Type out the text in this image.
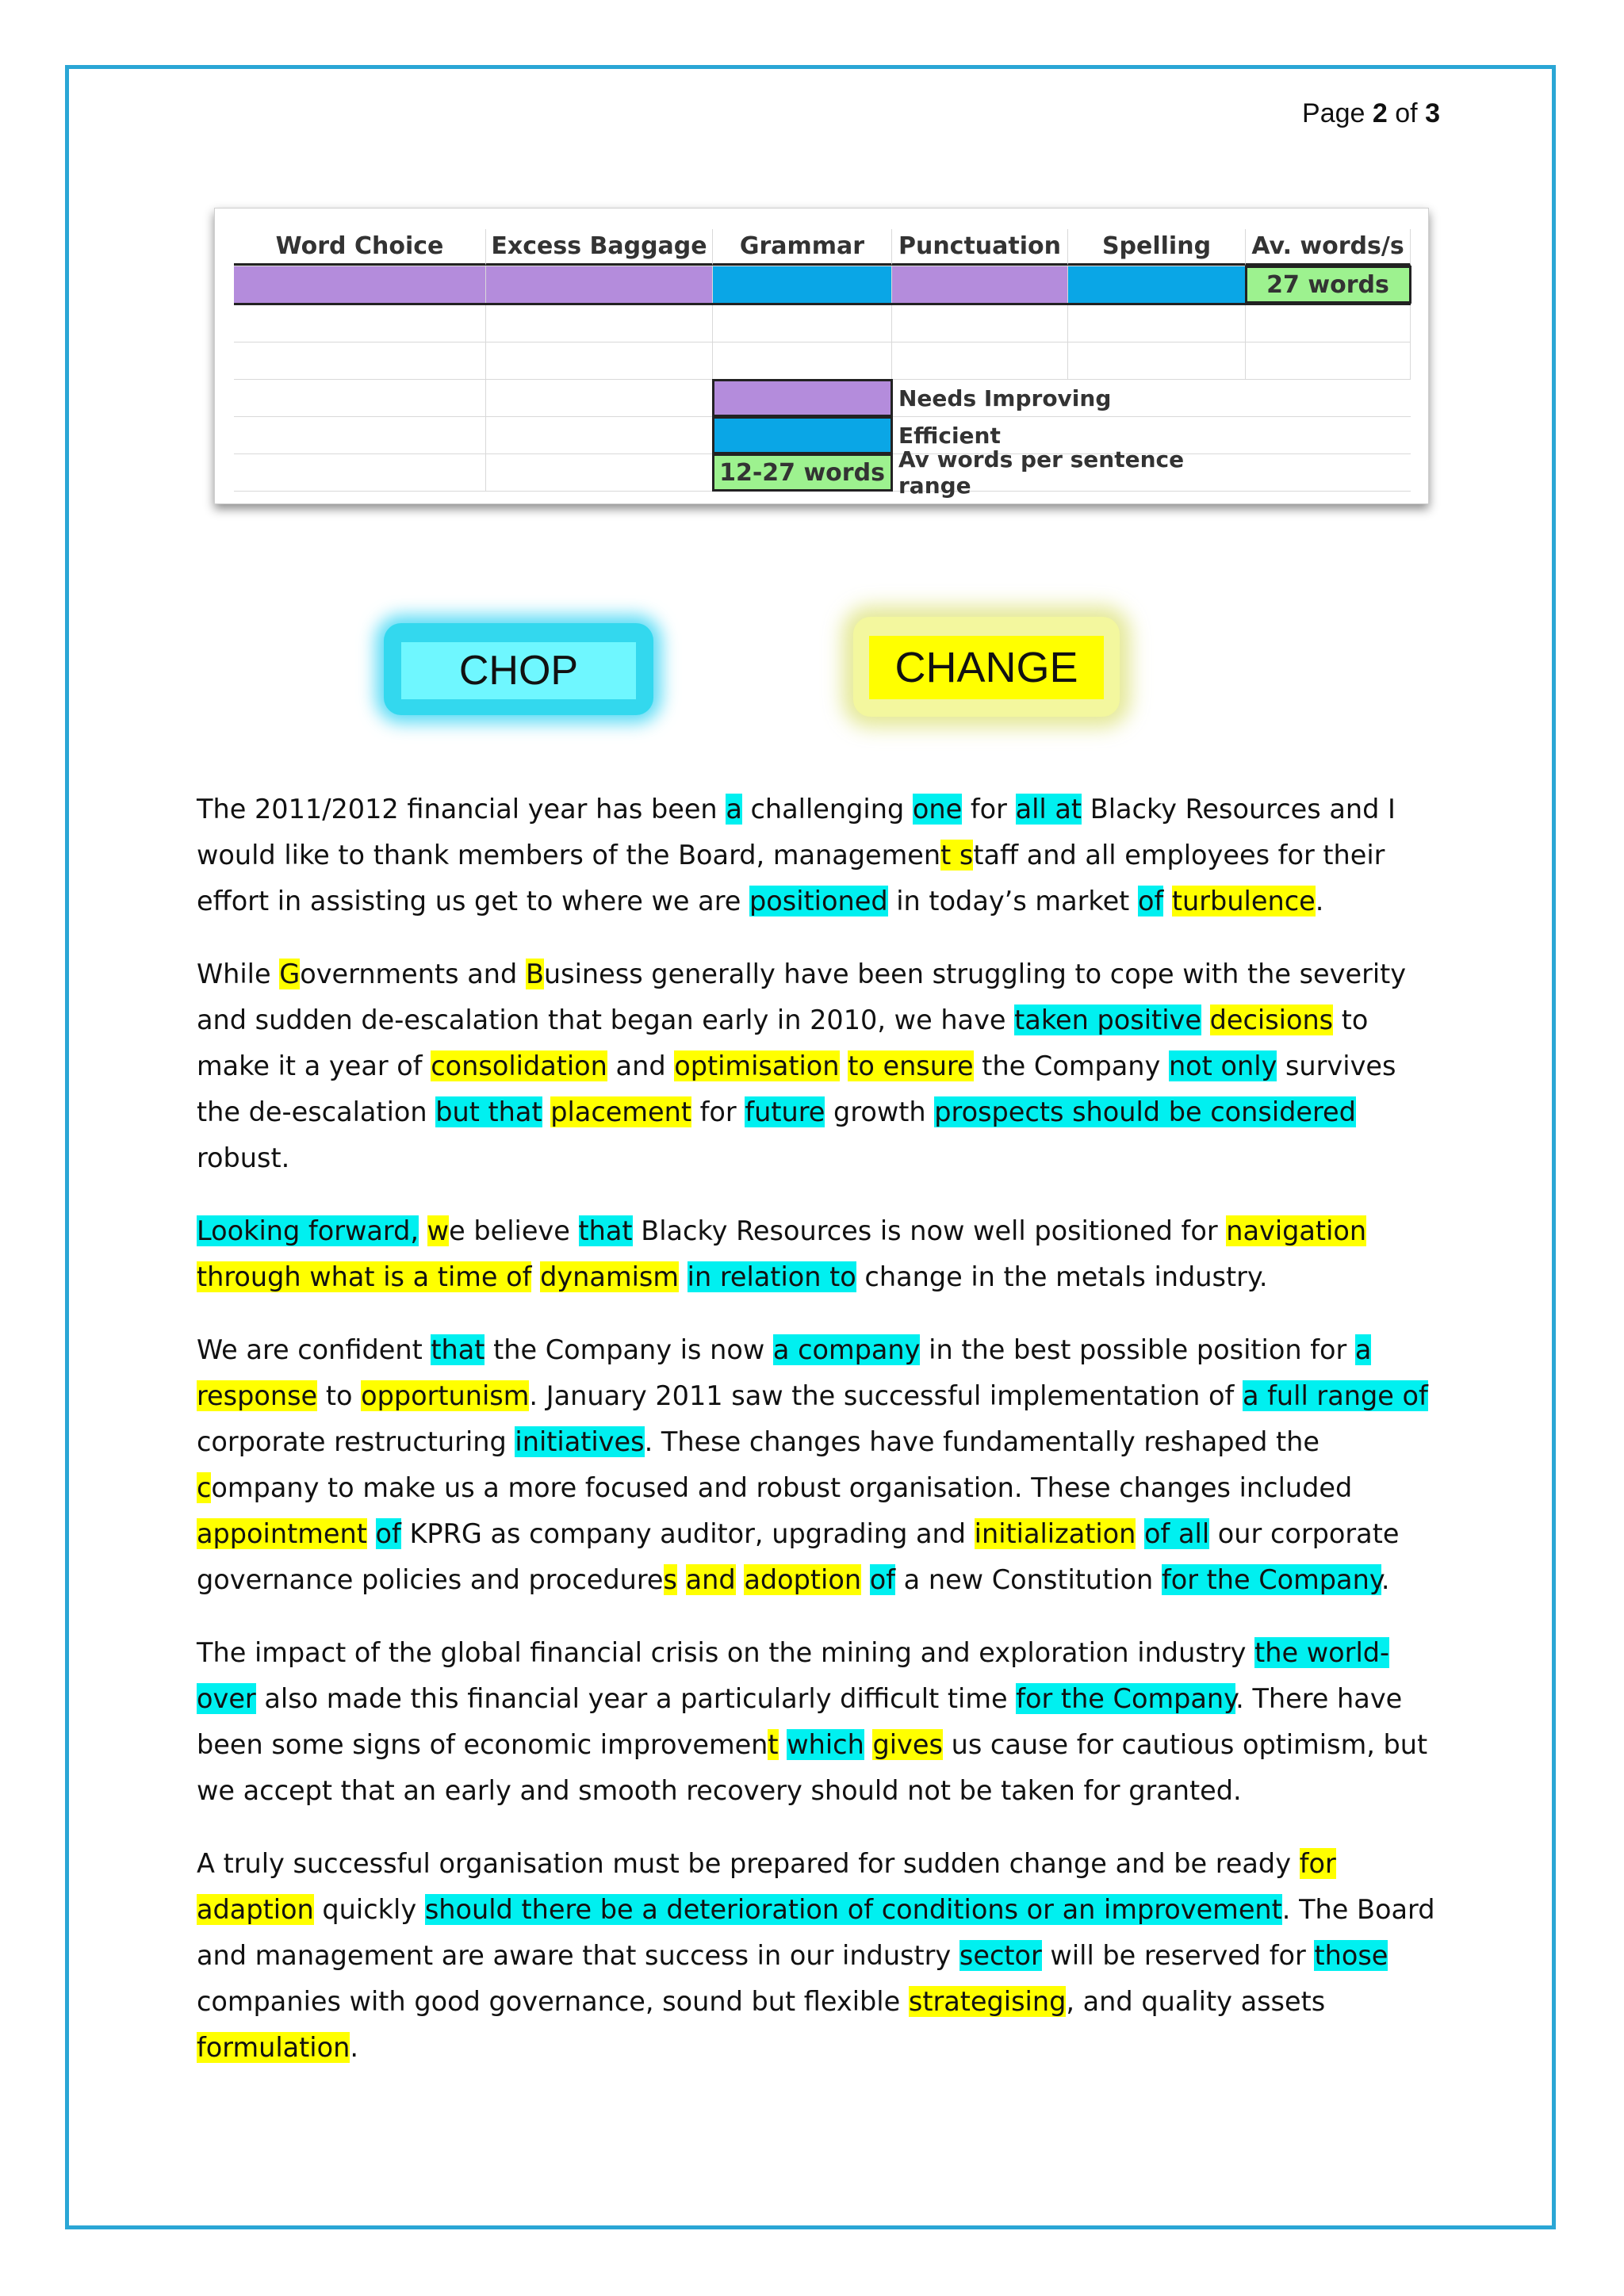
Page 2 of 3
Word Choice	Excess Baggage	Grammar	Punctuation	Spelling	Av. words/s
27 words
Needs Improving
Efficient
12-27 words Av words per sentence range
CHOP	CHANGE

The 2011/2012 financial year has been a challenging one for all at Blacky Resources and I would like to thank members of the Board, management staff and all employees for their effort in assisting us get to where we are positioned in today’s market of turbulence.

While Governments and Business generally have been struggling to cope with the severity and sudden de-escalation that began early in 2010, we have taken positive decisions to make it a year of consolidation and optimisation to ensure the Company not only survives the de-escalation but that placement for future growth prospects should be considered robust.

Looking forward, we believe that Blacky Resources is now well positioned for navigation through what is a time of dynamism in relation to change in the metals industry.

We are confident that the Company is now a company in the best possible position for a response to opportunism. January 2011 saw the successful implementation of a full range of corporate restructuring initiatives. These changes have fundamentally reshaped the company to make us a more focused and robust organisation. These changes included appointment of KPRG as company auditor, upgrading and initialization of all our corporate governance policies and procedures and adoption of a new Constitution for the Company.

The impact of the global financial crisis on the mining and exploration industry the world-over also made this financial year a particularly difficult time for the Company. There have been some signs of economic improvement which gives us cause for cautious optimism, but we accept that an early and smooth recovery should not be taken for granted.

A truly successful organisation must be prepared for sudden change and be ready for adaption quickly should there be a deterioration of conditions or an improvement. The Board and management are aware that success in our industry sector will be reserved for those companies with good governance, sound but flexible strategising, and quality assets formulation.
